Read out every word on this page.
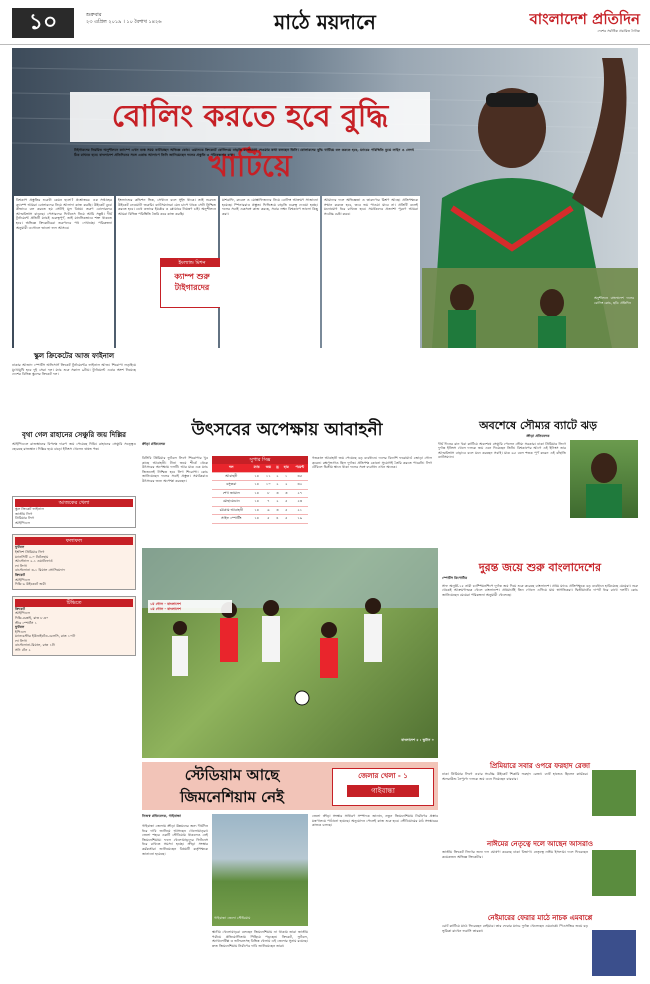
১০	শুক্রবার
২৩ এপ্রিল ২০১৯ । ১০ বৈশাখ ১৪২৬	মাঠে ময়দানে	বাংলাদেশ প্রতিদিন
দেশের সর্বাধিক প্রচারিত দৈনিক
বোলিং করতে হবে বুদ্ধি খাটিয়ে
টাইগারদের নিয়মিত অনুশীলনে ক্যাম্পে এখন ব্যস্ত সময় কাটাচ্ছেন অভিজ্ঞ কোচ। ওয়ানডে ক্রিকেটে বোলিংয়ে বাড়তি মনোযোগ দেওয়ার কথা বলছেন তিনি। বোলারদের বুদ্ধি খাটিয়ে বল করতে হবে, ম্যাচের পরিস্থিতি বুঝে লাইন ও লেংথ ঠিক রাখতে হবে। বাংলাদেশ প্রতিদিনের সঙ্গে একান্ত আলাপে তিনি জানিয়েছেন দলের প্রস্তুতি ও পরিকল্পনার কথা।
বিশ্বকাপ প্রস্তুতির শুরুটা কেমন হলো? প্রশ্নোত্তরে: এক সপ্তাহের ক্যাম্পে আমরা বোলারদের নিয়ে আলাদা কাজ করছি। উইকেট বুঝে কীভাবে বল করতে হয় সেটাই মূল বিষয়। তরুণ বোলারদের আত্মবিশ্বাস বাড়ছে। পেসারদের ফিটনেস নিয়ে আমি সন্তুষ্ট। দীর্ঘ টুর্নামেন্টে প্রতিটি ম্যাচই গুরুত্বপূর্ণ, তাই মানসিকভাবে শক্ত থাকতে হবে। অভিজ্ঞ ক্রিকেটাররা তরুণদের পথ দেখাচ্ছে। পরিকল্পনা অনুযায়ী এগোলে ভালো ফল আসবে।
ইংল্যান্ডের কন্ডিশন ভিন্ন, সেখানে বলে সুইং থাকে। তাই শুরুতে উইকেট নেওয়াটা জরুরি। ব্যাটসম্যানরা যেন চাপে থাকে সেটা নিশ্চিত করতে হবে। ডেথ ওভারে ইয়র্কার ও স্লোয়ারে নিয়ন্ত্রণ চাই। অনুশীলনে আমরা বিভিন্ন পরিস্থিতি তৈরি করে কাজ করছি।
ইংল্যান্ড মিশন
ক্যাম্প শুরু টাইগারদের
মাশরাফি, রুবেল ও মোস্তাফিজদের নিয়ে বোলিং আক্রমণ সাজানো হয়েছে। স্পিনাররাও প্রস্তুত। ফিল্ডিংয়ে বাড়তি গুরুত্ব দেওয়া হচ্ছে। দলের সবাই একসঙ্গে কাজ করছে, সবার লক্ষ্য বিশ্বকাপে ভালো কিছু করা।
আমাদের দলে অভিজ্ঞতা ও তারুণ্যের মিশ্রণ আছে। প্রতিপক্ষকে সম্মান করতে হবে, তবে ভয় পাওয়া যাবে না। প্রতিটি বলেই মনোযোগ ধরে রাখতে হবে। সমর্থকদের প্রত্যাশা পূরণে আমরা সর্বোচ্চ চেষ্টা করব।
অনুশীলনে বাংলাদেশ দলের বোলিং কোচ, ছবি: প্রতিদিন
স্কুল ক্রিকেটের আজ ফাইনাল
ঢাকার আজাদ স্পোর্টস অফিসার্স ক্রিকেট টুর্নামেন্টের ফাইনাল আজ। শিরোপা লড়াইয়ে মুখোমুখি হবে দুই সেরা দল। ম্যাচ শুরু সকাল ৯টায়। টুর্নামেন্টে এবার অংশ নিয়েছে দেশের বিভিন্ন স্কুলের ক্রিকেট দল।
বৃথা গেল রাহানের সেঞ্চুরি জয় দিল্লির
আইপিএলে রাজস্থানের বিপক্ষে দারুণ জয় পেয়েছে দিল্লি। রাহানের সেঞ্চুরি সত্ত্বেও হেরেছে রাজস্থান। দিল্লির হয়ে ঝড়ো ইনিংস খেলেন ঋষভ পন্ত।
আজকের খেলা
স্কুল ক্রিকেট ফাইনাল
জাতীয় লিগ
প্রিমিয়ার লিগ
আইপিএল
ফলাফল
ফুটবল
ইংলিশ প্রিমিয়ার লিগ
ম্যানসিটি ২-০ টটেনহাম
আর্সেনাল ২-১ ওয়াটফোর্ড
লা লিগা
বার্সেলোনা ৩-১ রিয়াল সোসিয়েদাদ
ক্রিকেট
আইপিএল
দিল্লি ৬ উইকেটে জয়ী
টিভিতে
ক্রিকেট
আইপিএল
দিল্লি-চেন্নাই, রাত ৮.৩০
স্টার স্পোর্টস ১
ফুটবল
ইপিএল
ম্যানচেস্টার ইউনাইটেড-চেলসি, রাত ১০টা
লা লিগা
বার্সেলোনা-রিয়াল, রাত ১টা
সনি টেন ২
উৎসবের অপেক্ষায় আবাহনী
ক্রীড়া প্রতিবেদক
বিসিবি প্রিমিয়ার ফুটবল লিগে শিরোপার খুব কাছে আবাহনী। টানা জয়ে শীর্ষে থেকে উৎসবের অপেক্ষায় দলটি। আর মাত্র এক ম্যাচ জিতলেই নিশ্চিত হবে লিগ শিরোপা। কোচ জানিয়েছেন দলের সবাই প্রস্তুত। সমর্থকরাও উৎসবের জন্য অপেক্ষা করছেন।
সুপার সিক্স
দল	ম্যাচ	জয়	ড্র	হার	পয়েন্ট
আবাহনী	১৪	১১	২	১	৩৫
বসুন্ধরা	১৪	১০	২	২	৩২
শেখ জামাল	১৪	৮	৩	৩	২৭
মোহামেডান	১৪	৭	২	৫	২৩
চট্টগ্রাম আবাহনী	১৪	৬	৩	৫	২১
সাইফ স্পোর্টিং	১৪	৫	৪	৫	১৯
গতকাল আবাহনী জয় পেয়েছে বড় ব্যবধানে। দলের বিদেশি ফরোয়ার্ড জোড়া গোল করেন। রক্ষণভাগও ছিল দুর্দান্ত। প্রতিপক্ষ কোনো সুযোগই তৈরি করতে পারেনি। লিগ টেবিলে দ্বিতীয় স্থানে থাকা দলের সঙ্গে ব্যবধান এখন অনেক।
অবশেষে সৌম্যর ব্যাটে ঝড়
ক্রীড়া প্রতিবেদক
দীর্ঘ দিনের রান খরা কাটিয়ে অবশেষে সেঞ্চুরি পেলেন সৌম্য সরকার। ঢাকা প্রিমিয়ার লিগে দুর্দান্ত ইনিংস খেলে দলকে জয় এনে দিয়েছেন তিনি। বিশ্বকাপের আগে এই ইনিংস তার আত্মবিশ্বাস বাড়াবে বলে মনে করছেন সবাই। মাত্র ৬৫ বলে শতক পূর্ণ করেন এই বাঁহাতি ব্যাটসম্যান।
বাংলাদেশ ৫ : ভুটান ০
১ম গোল - বাংলাদেশ
২য় গোল - বাংলাদেশ
দুরন্ত জয়ে শুরু বাংলাদেশের
স্পোর্টস রিপোর্টার
সাফ অনূর্ধ্ব-১৫ নারী চ্যাম্পিয়নশিপে দুর্দান্ত জয় দিয়ে শুরু করেছে বাংলাদেশ। প্রথম ম্যাচে প্রতিপক্ষকে বড় ব্যবধানে হারিয়েছে মেয়েরা। শুরু থেকেই আক্রমণাত্মক খেলে বাংলাদেশ। প্রথমার্ধেই তিন গোলে এগিয়ে যায় স্বাগতিকরা। দ্বিতীয়ার্ধেও দাপট ধরে রাখে দলটি। কোচ জানিয়েছেন মেয়েরা পরিকল্পনা অনুযায়ী খেলেছে।
স্টেডিয়াম আছে
জিমনেশিয়াম নেই
জেলার খেলা - ১
গাইবান্ধা
নিজস্ব প্রতিবেদক, গাইবান্ধা
গাইবান্ধা জেলায় ক্রীড়া উন্নয়নের জন্য দীর্ঘদিন ধরে দাবি জানিয়ে আসছেন খেলোয়াড়রা। জেলা শহরে একটি স্টেডিয়াম থাকলেও নেই জিমনেশিয়াম। ফলে খেলোয়াড়দের ফিটনেস ধরে রাখতে সমস্যা হচ্ছে। ক্রীড়া সংস্থার কর্মকর্তারা জানিয়েছেন বিষয়টি কর্তৃপক্ষকে জানানো হয়েছে।
গাইবান্ধা জেলা স্টেডিয়াম
স্থানীয় খেলোয়াড়রা বলছেন জিমনেশিয়াম না থাকায় তারা জাতীয় পর্যায়ে প্রতিযোগিতায় পিছিয়ে পড়ছেন। ক্রিকেট, ফুটবল, অ্যাথলেটিক্স ও ভলিবলসহ বিভিন্ন খেলায় এই জেলার সুনাম রয়েছে। দ্রুত জিমনেশিয়াম নির্মাণের দাবি জানিয়েছেন তারা।
জেলা ক্রীড়া সংস্থার সাধারণ সম্পাদক জানান, নতুন জিমনেশিয়াম নির্মাণের প্রস্তাব মন্ত্রণালয়ে পাঠানো হয়েছে। অনুমোদন পেলেই কাজ শুরু হবে। স্টেডিয়ামের মাঠ সংস্কারের কাজও চলছে।
প্রিমিয়ারে সবার ওপরে ফরহাদ রেজা
ঢাকা প্রিমিয়ার লিগে এবার সর্বোচ্চ উইকেট শিকারি ফরহাদ রেজা। ব্যাট হাতেও ছিলেন কার্যকর। অলরাউন্ড নৈপুণ্যে দলকে জয় এনে দিয়েছেন বারবার।
নাঈমের নেতৃত্বে দলে আছেন আসরাও
জাতীয় ক্রিকেট লিগের জন্য দল ঘোষণা করেছে ঢাকা বিভাগ। নেতৃত্বে নাঈম ইসলাম। দলে ফিরেছেন কয়েকজন অভিজ্ঞ ক্রিকেটার।
নেইমারের ফেরার মাঠে নাচক এমবাপ্পে
চোট কাটিয়ে মাঠে ফিরেছেন নেইমার। তার ফেরার ম্যাচে দুর্দান্ত খেলেছেন এমবাপ্পে। পিএসজির জয়ে বড় ভূমিকা রাখেন ফরাসি তারকা।
